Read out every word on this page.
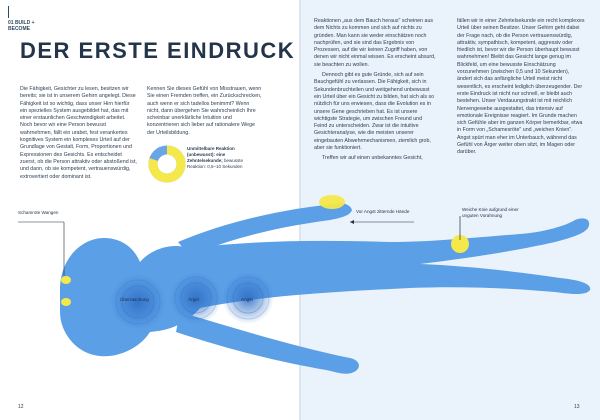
01 BUILD + BECOME
DER ERSTE EINDRUCK

Die Fähigkeit, Gesichter zu lesen, besitzen wir bereits; sie ist in unserem Gehirn angelegt. Diese Fähigkeit ist so wichtig, dass unser Hirn hierfür ein spezielles System ausgebildet hat, das mit einer erstaunlichen Geschwindigkeit arbeitet. Noch bevor wir eine Person bewusst wahrnehmen, fällt ein urabet, fest verankertes kognitives System ein komplexes Urteil auf der Grundlage von Gestalt, Form, Proportionen und Expressionen des Gesichts. Es entscheidet zuerst, ob die Person attraktiv oder abstoßend ist, und dann, ob sie kompetent, vertrauenswürdig, extrovertiert oder dominant ist.

Kennen Sie dieses Gefühl von Misstrauen, wenn Sie einen Fremden treffen, ein Zurückschrecken, auch wenn er sich tadellos benimmt? Wenn nicht, dann übergehen Sie wahrscheinlich Ihre scheinbar unerklärliche Intuition und konzentrieren sich lieber auf rationalere Wege der Urteilsbildung.

Unmittelbare Reaktion (unbewusst): eine Zehntelsekunde; bewusste Reaktion: 0,5–10 Sekunden

Reaktionen „aus dem Bauch heraus" scheinen aus dem Nichts zu kommen und sich auf nichts zu gründen. Man kann sie weder einschätzen noch nachprüfen, und sie sind das Ergebnis von Prozessen, auf die wir keinen Zugriff haben, von denen wir nicht einmal wissen. Es erscheint absurd, sie beachten zu wollen.

Dennoch gibt es gute Gründe, sich auf sein Bauchgefühl zu verlassen. Die Fähigkeit, sich in Sekundenbruchteilen und weitgehend unbewusst ein Urteil über ein Gesicht zu bilden, hat sich als so nützlich für uns erwiesen, dass die Evolution es in unsere Gene geschrieben hat. Es ist unsere wichtigste Strategie, um zwischen Freund und Feind zu unterscheiden. Zwar ist die intuitive Gesichteranalyse, wie die meisten unserer eingebauten Abwehrmechanismen, ziemlich grob, aber sie funktioniert.

Treffen wir auf einen unbekanntes Gesicht,

fällen wir in einer Zehntelsekunde ein recht komplexes Urteil über seinen Besitzer. Unser Gehirn geht dabei der Frage nach, ob die Person vertrauenswürdig, attraktiv, sympathisch, kompetent, aggressiv oder friedlich ist, bevor wir die Person überhaupt bewusst wahrnehmen! Bleibt das Gesicht lange genug im Blickfeld, um eine bewusste Einschätzung vorzunehmen (zwischen 0,5 und 10 Sekunden), ändert sich das anfängliche Urteil meist nicht wesentlich, es erscheint lediglich überzeugender. Der erste Eindruck ist nicht nur schnell, er bleibt auch bestehen. Unser Verdauungstrakt ist mit reichlich Nervengewebe ausgestattet, das intensiv auf emotionale Ereignisse reagiert. Im Grunde machen sich Gefühle aber im ganzen Körper bemerkbar, etwa in Form von „Schamesröte" und „weichen Knien". Angst spürt man eher im Unterbauch, während das Gefühl von Ärger weiter oben sitzt, im Magen oder darüber.

Schamrote Wangen
Überraschung	Ärger	Angst
Vor Angst zitternde Hände	Weiche Knie aufgrund einer unguten Vorahnung
12	13
